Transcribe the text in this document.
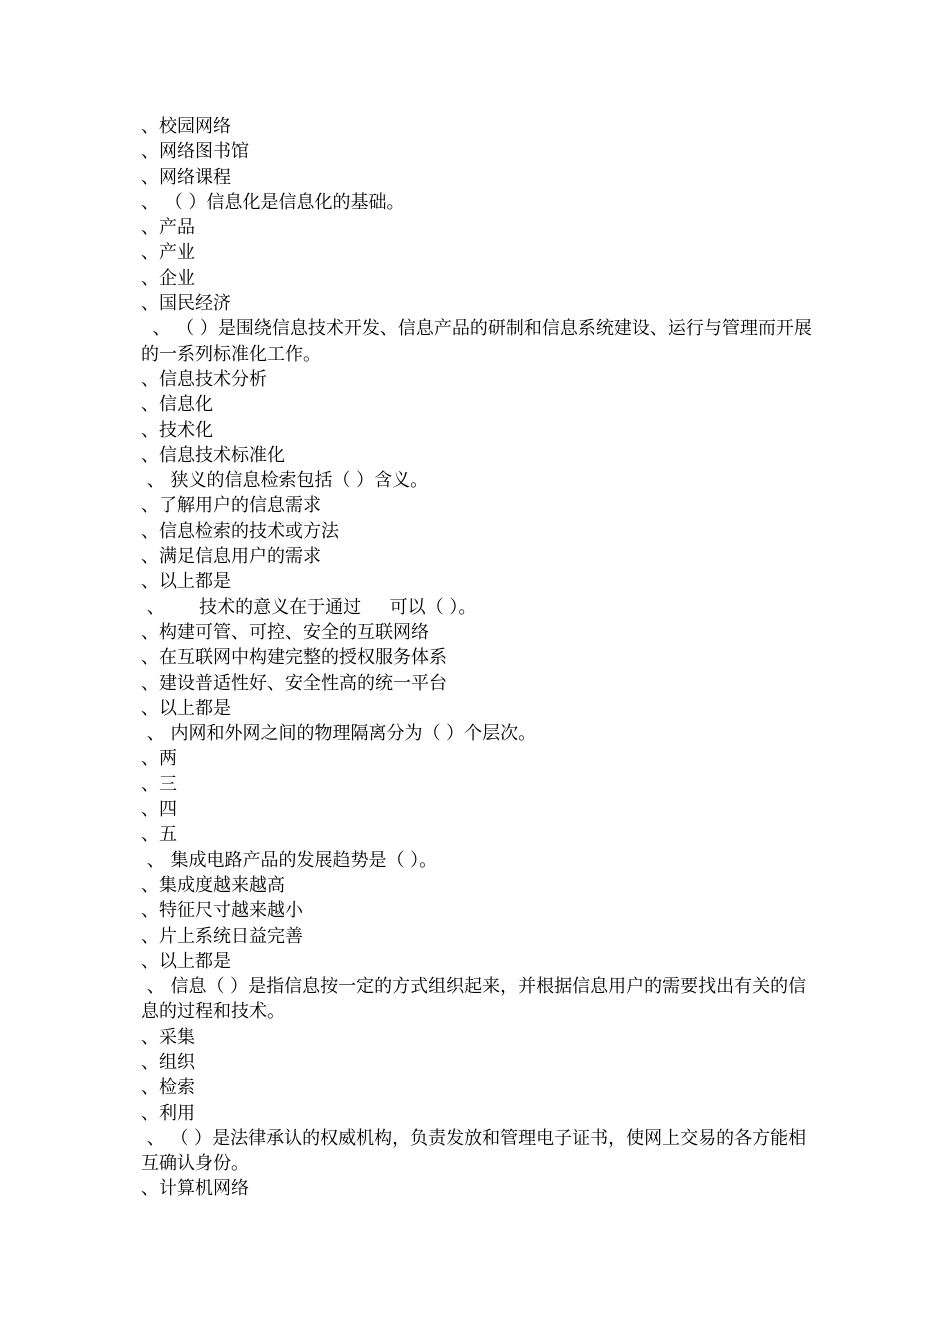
、校园网络
、网络图书馆
、网络课程
、 （ ）信息化是信息化的基础。
、产品
、产业
、企业
、国民经济
、 （ ）是围绕信息技术开发、信息产品的研制和信息系统建设、运行与管理而开展的一系列标准化工作。
、信息技术分析
、信息化
、技术化
、信息技术标准化
、 狭义的信息检索包括（ ）含义。
、了解用户的信息需求
、信息检索的技术或方法
、满足信息用户的需求
、以上都是
、      技术的意义在于通过     可以（ ）。
、构建可管、可控、安全的互联网络
、在互联网中构建完整的授权服务体系
、建设普适性好、安全性高的统一平台
、以上都是
、 内网和外网之间的物理隔离分为（ ）个层次。
、两
、三
、四
、五
、 集成电路产品的发展趋势是（ ）。
、集成度越来越高
、特征尺寸越来越小
、片上系统日益完善
、以上都是
、 信息（ ）是指信息按一定的方式组织起来，并根据信息用户的需要找出有关的信息的过程和技术。
、采集
、组织
、检索
、利用
、 （ ）是法律承认的权威机构，负责发放和管理电子证书，使网上交易的各方能相互确认身份。
、计算机网络
